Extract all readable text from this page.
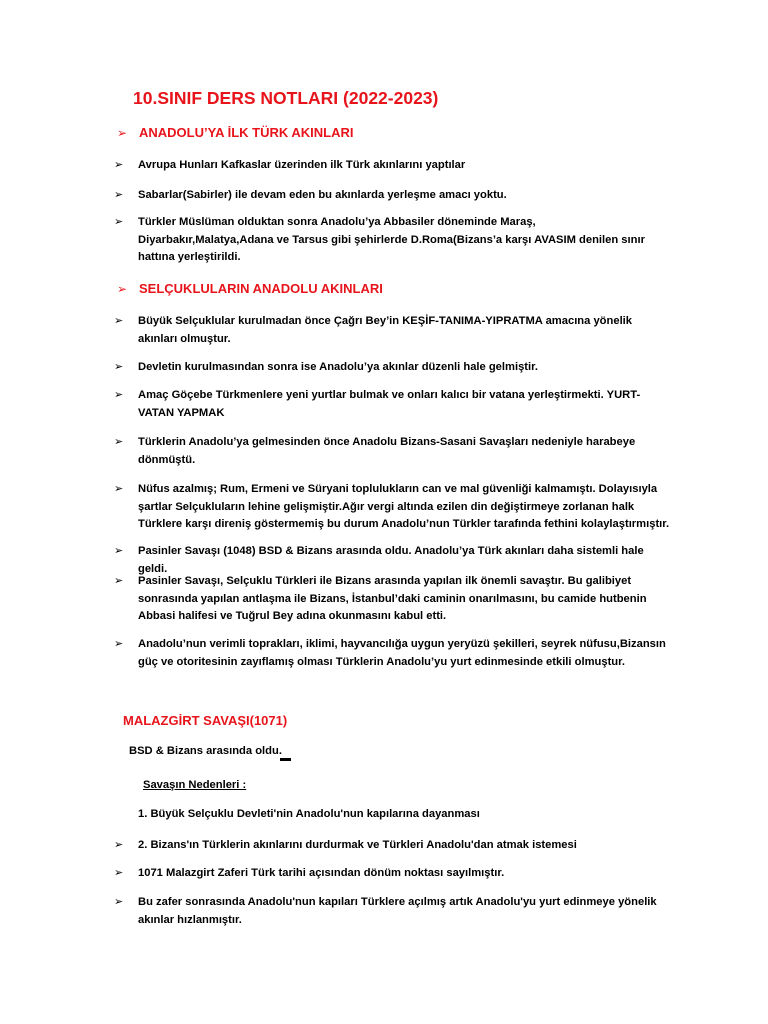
10.SINIF DERS NOTLARI (2022-2023)
➢ ANADOLU’YA İLK TÜRK AKINLARI
➢	Avrupa Hunları Kafkaslar üzerinden ilk Türk akınlarını yaptılar
➢	Sabarlar(Sabirler) ile devam eden bu akınlarda yerleşme amacı yoktu.
➢	Türkler Müslüman olduktan sonra Anadolu’ya Abbasiler döneminde Maraş, Diyarbakır,Malatya,Adana ve Tarsus gibi şehirlerde D.Roma(Bizans’a karşı AVASIM denilen sınır hattına yerleştirildi.
➢ SELÇUKLULARIN ANADOLU AKINLARI
➢	Büyük Selçuklular kurulmadan önce Çağrı Bey’in KEŞİF-TANIMA-YIPRATMA amacına yönelik akınları olmuştur.
➢	Devletin kurulmasından sonra ise Anadolu’ya akınlar düzenli hale gelmiştir.
➢	Amaç Göçebe Türkmenlere yeni yurtlar bulmak ve onları kalıcı bir vatana yerleştirmekti. YURT-VATAN YAPMAK
➢	Türklerin Anadolu’ya gelmesinden önce Anadolu Bizans-Sasani Savaşları nedeniyle harabeye dönmüştü.
➢	Nüfus azalmış; Rum, Ermeni ve Süryani toplulukların can ve mal güvenliği kalmamıştı. Dolayısıyla şartlar Selçukluların lehine gelişmiştir.Ağır vergi altında ezilen din değiştirmeye zorlanan halk Türklere karşı direniş göstermemiş bu durum Anadolu’nun Türkler tarafında fethini kolaylaştırmıştır.
➢	Pasinler Savaşı (1048) BSD & Bizans arasında oldu. Anadolu’ya Türk akınları daha sistemli hale geldi.
➢	Pasinler Savaşı, Selçuklu Türkleri ile Bizans arasında yapılan ilk önemli savaştır. Bu galibiyet sonrasında yapılan antlaşma ile Bizans, İstanbul’daki caminin onarılmasını, bu camide hutbenin Abbasi halifesi ve Tuğrul Bey adına okunmasını kabul etti.
➢	Anadolu’nun verimli toprakları, iklimi, hayvancılığa uygun yeryüzü şekilleri, seyrek nüfusu,Bizansın güç ve otoritesinin zayıflamış olması Türklerin Anadolu’yu yurt edinmesinde etkili olmuştur.
MALAZGİRT SAVAŞI(1071)
BSD & Bizans arasında oldu.
Savaşın Nedenleri :
1. Büyük Selçuklu Devleti'nin Anadolu'nun kapılarına dayanması
➢	2. Bizans'ın Türklerin akınlarını durdurmak ve Türkleri Anadolu'dan atmak istemesi
➢	1071 Malazgirt Zaferi Türk tarihi açısından dönüm noktası sayılmıştır.
➢	Bu zafer sonrasında Anadolu'nun kapıları Türklere açılmış artık Anadolu'yu yurt edinmeye yönelik akınlar hızlanmıştır.
